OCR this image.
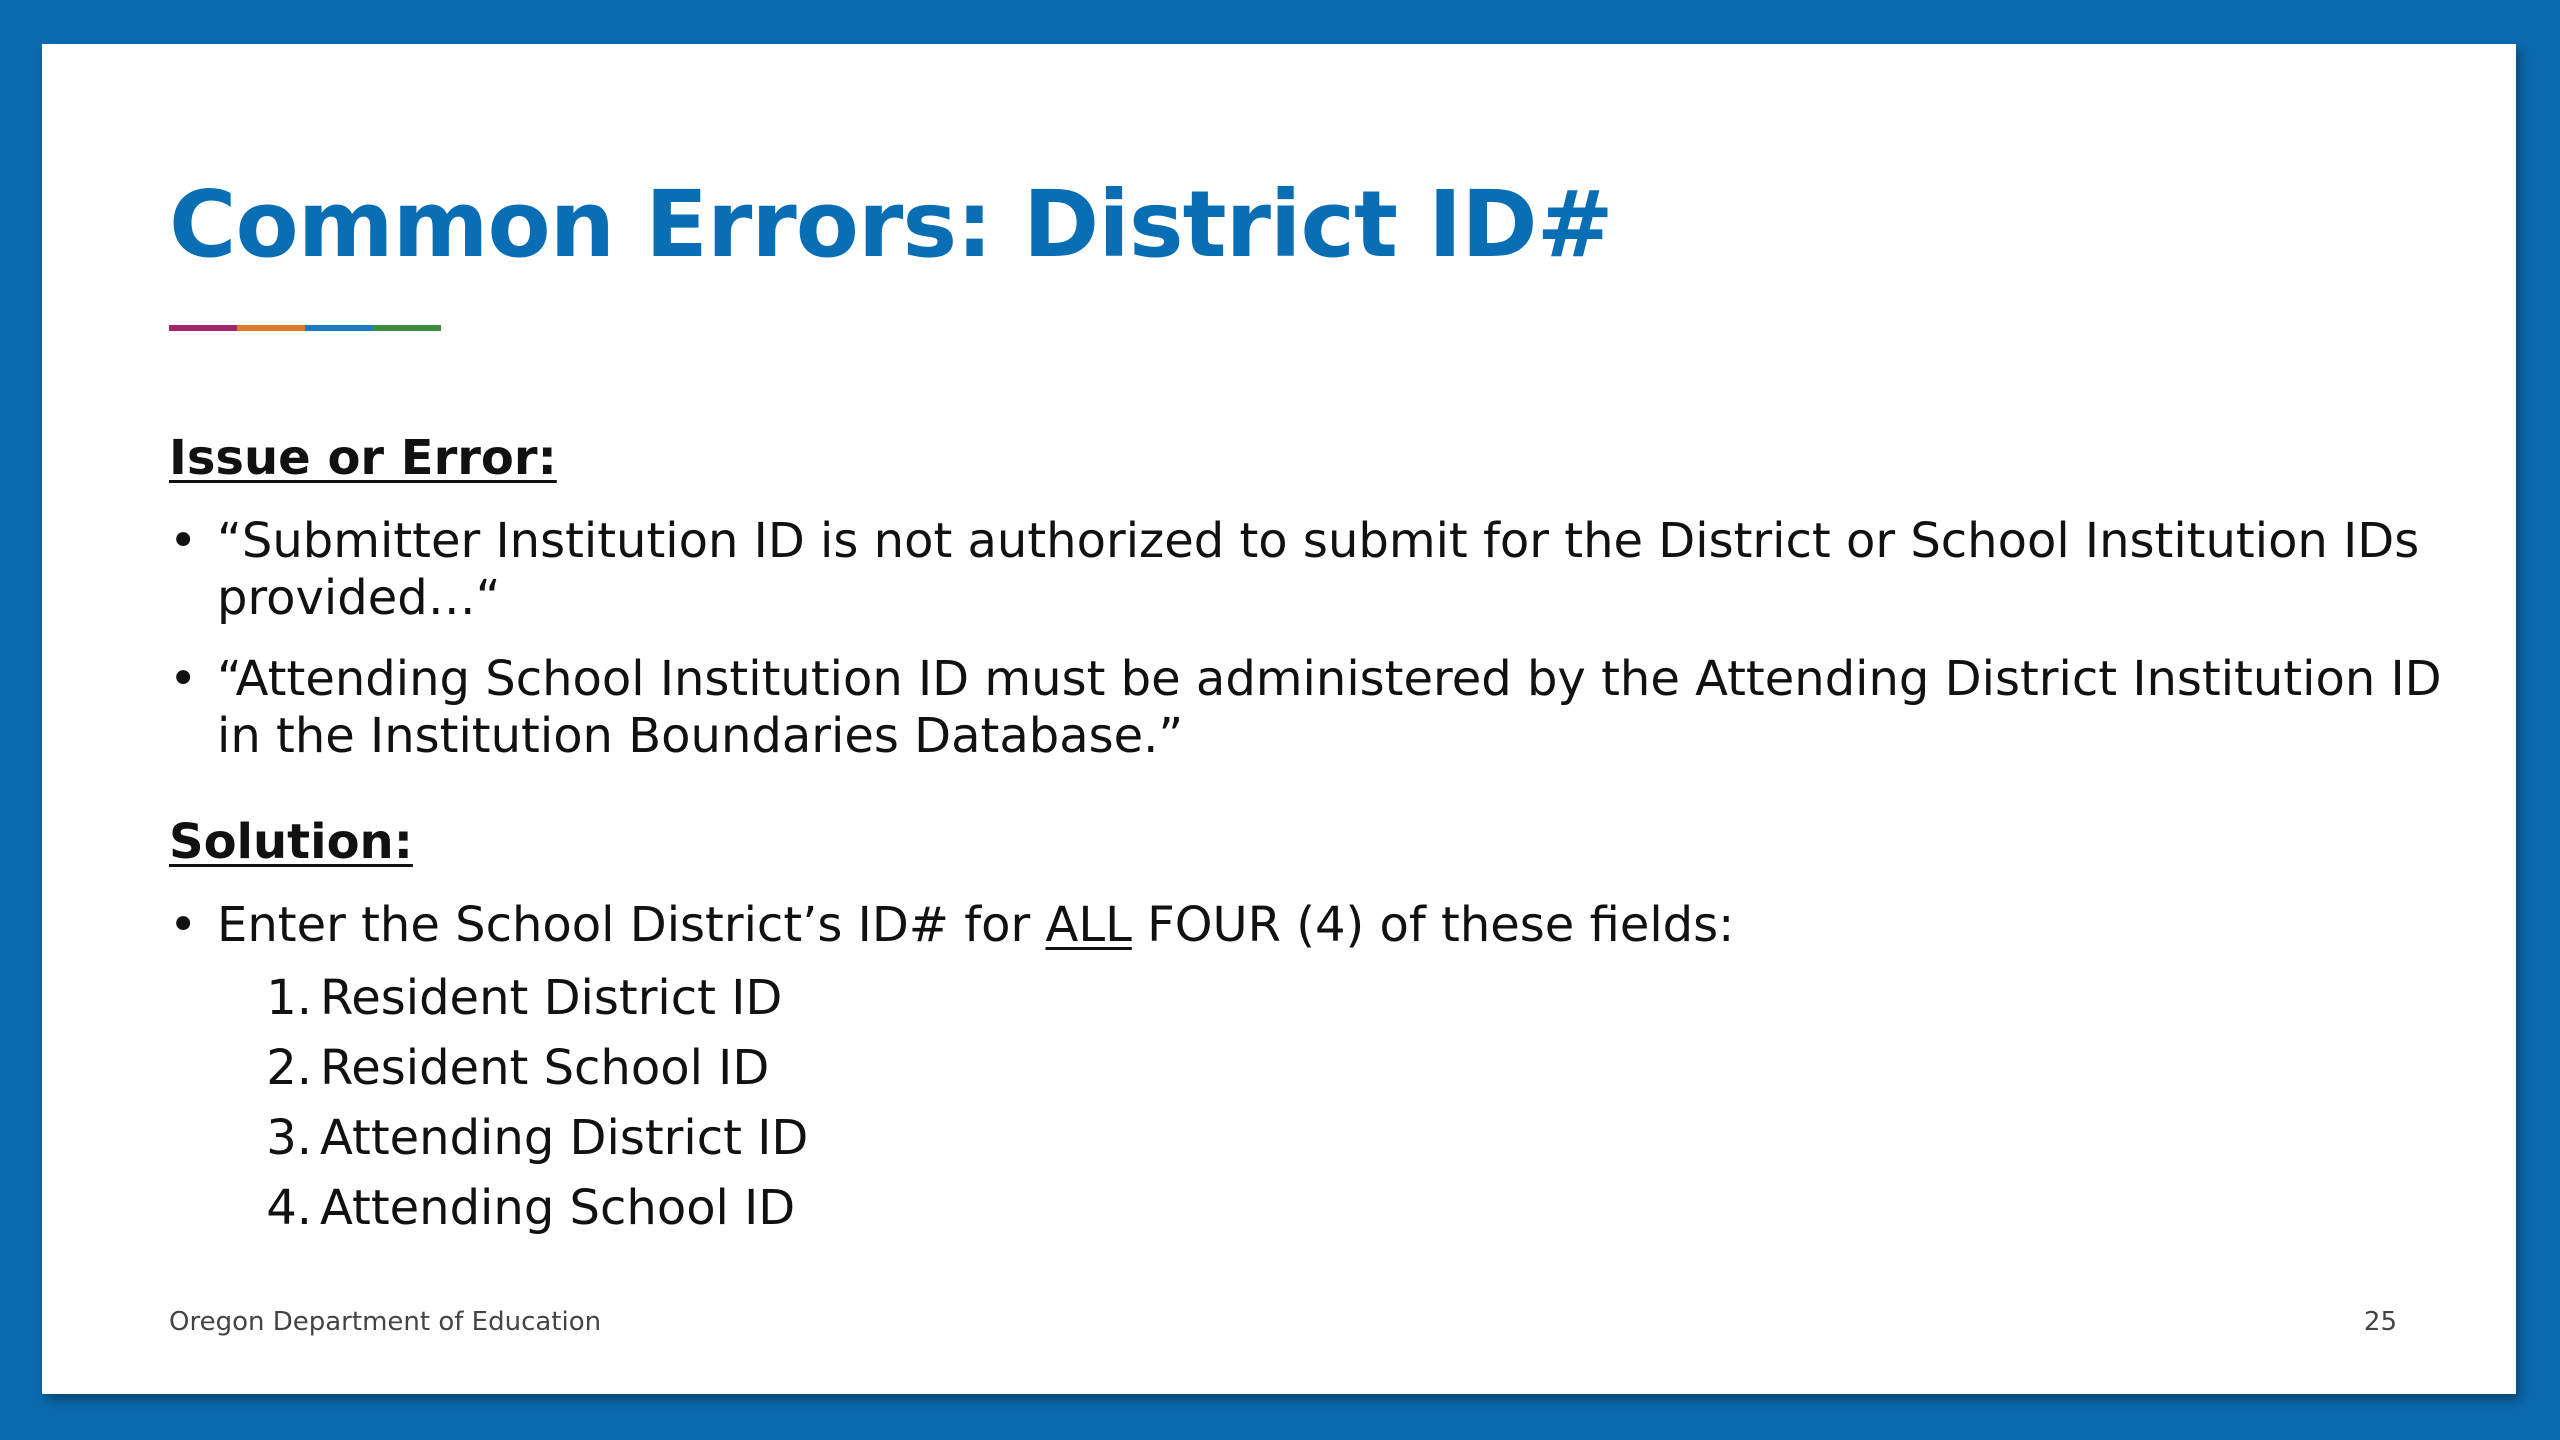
Common Errors: District ID#
Issue or Error:
• “Submitter Institution ID is not authorized to submit for the District or School Institution IDs provided…“
• “Attending School Institution ID must be administered by the Attending District Institution ID in the Institution Boundaries Database.”
Solution:
• Enter the School District’s ID# for ALL FOUR (4) of these fields:
1. Resident District ID
2. Resident School ID
3. Attending District ID
4. Attending School ID
Oregon Department of Education	25
